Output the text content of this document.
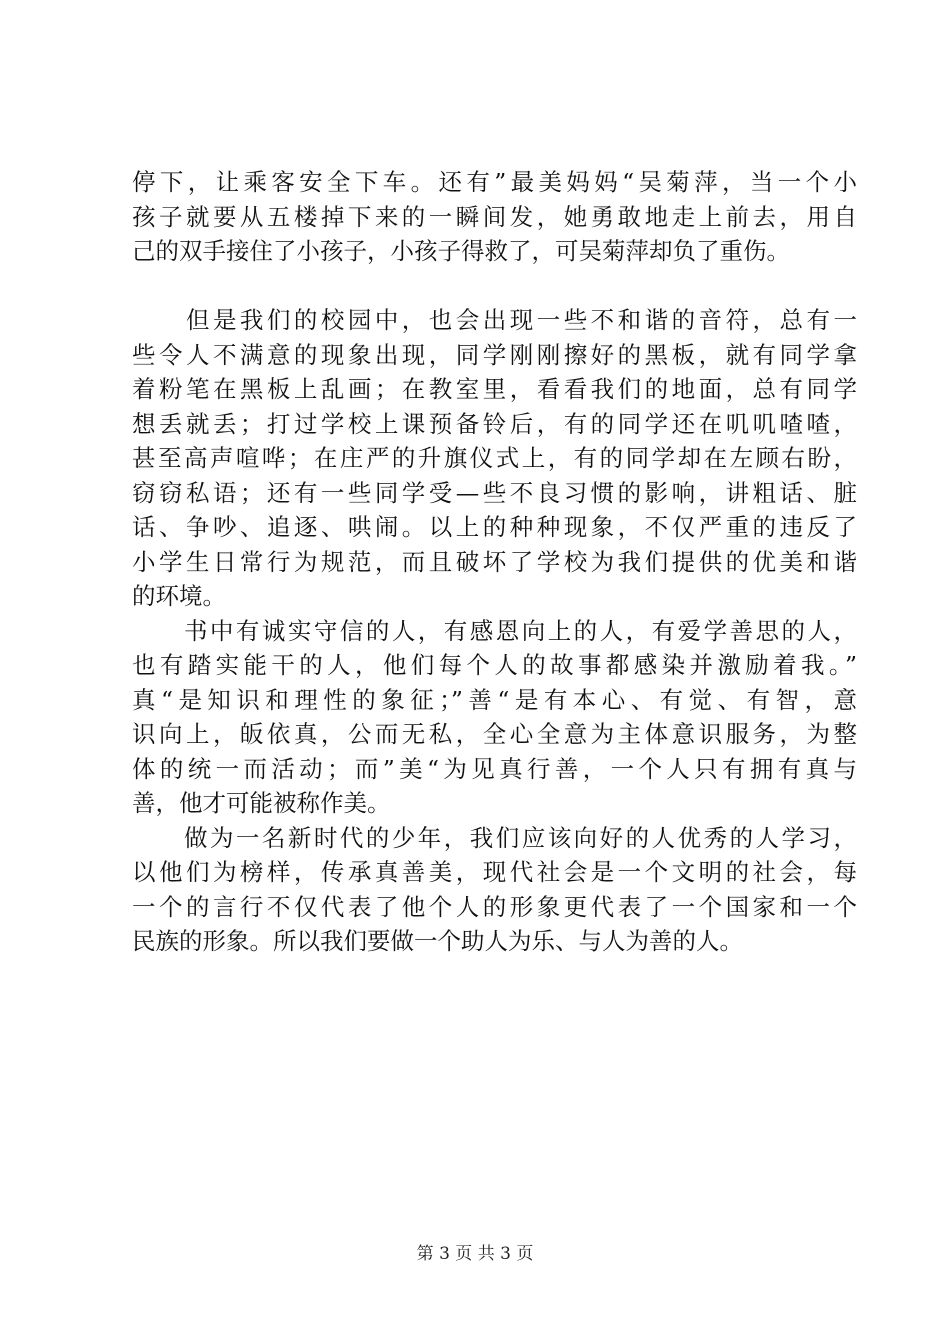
停下，让乘客安全下车。还有”最美妈妈“吴菊萍，当一个小
孩子就要从五楼掉下来的一瞬间发，她勇敢地走上前去，用自
己的双手接住了小孩子，小孩子得救了，可吴菊萍却负了重伤。
　　但是我们的校园中，也会出现一些不和谐的音符，总有一
些令人不满意的现象出现，同学刚刚擦好的黑板，就有同学拿
着粉笔在黑板上乱画；在教室里，看看我们的地面，总有同学
想丢就丢；打过学校上课预备铃后，有的同学还在叽叽喳喳，
甚至高声喧哗；在庄严的升旗仪式上，有的同学却在左顾右盼，
窃窃私语；还有一些同学受—些不良习惯的影响，讲粗话、脏
话、争吵、追逐、哄闹。以上的种种现象，不仅严重的违反了
小学生日常行为规范，而且破坏了学校为我们提供的优美和谐
的环境。
　　书中有诚实守信的人，有感恩向上的人，有爱学善思的人，
也有踏实能干的人，他们每个人的故事都感染并激励着我。”
真“是知识和理性的象征；”善“是有本心、有觉、有智，意
识向上，皈依真，公而无私，全心全意为主体意识服务，为整
体的统一而活动；而”美“为见真行善，一个人只有拥有真与
善，他才可能被称作美。
　　做为一名新时代的少年，我们应该向好的人优秀的人学习，
以他们为榜样，传承真善美，现代社会是一个文明的社会，每
一个的言行不仅代表了他个人的形象更代表了一个国家和一个
民族的形象。所以我们要做一个助人为乐、与人为善的人。
第 3 页 共 3 页
